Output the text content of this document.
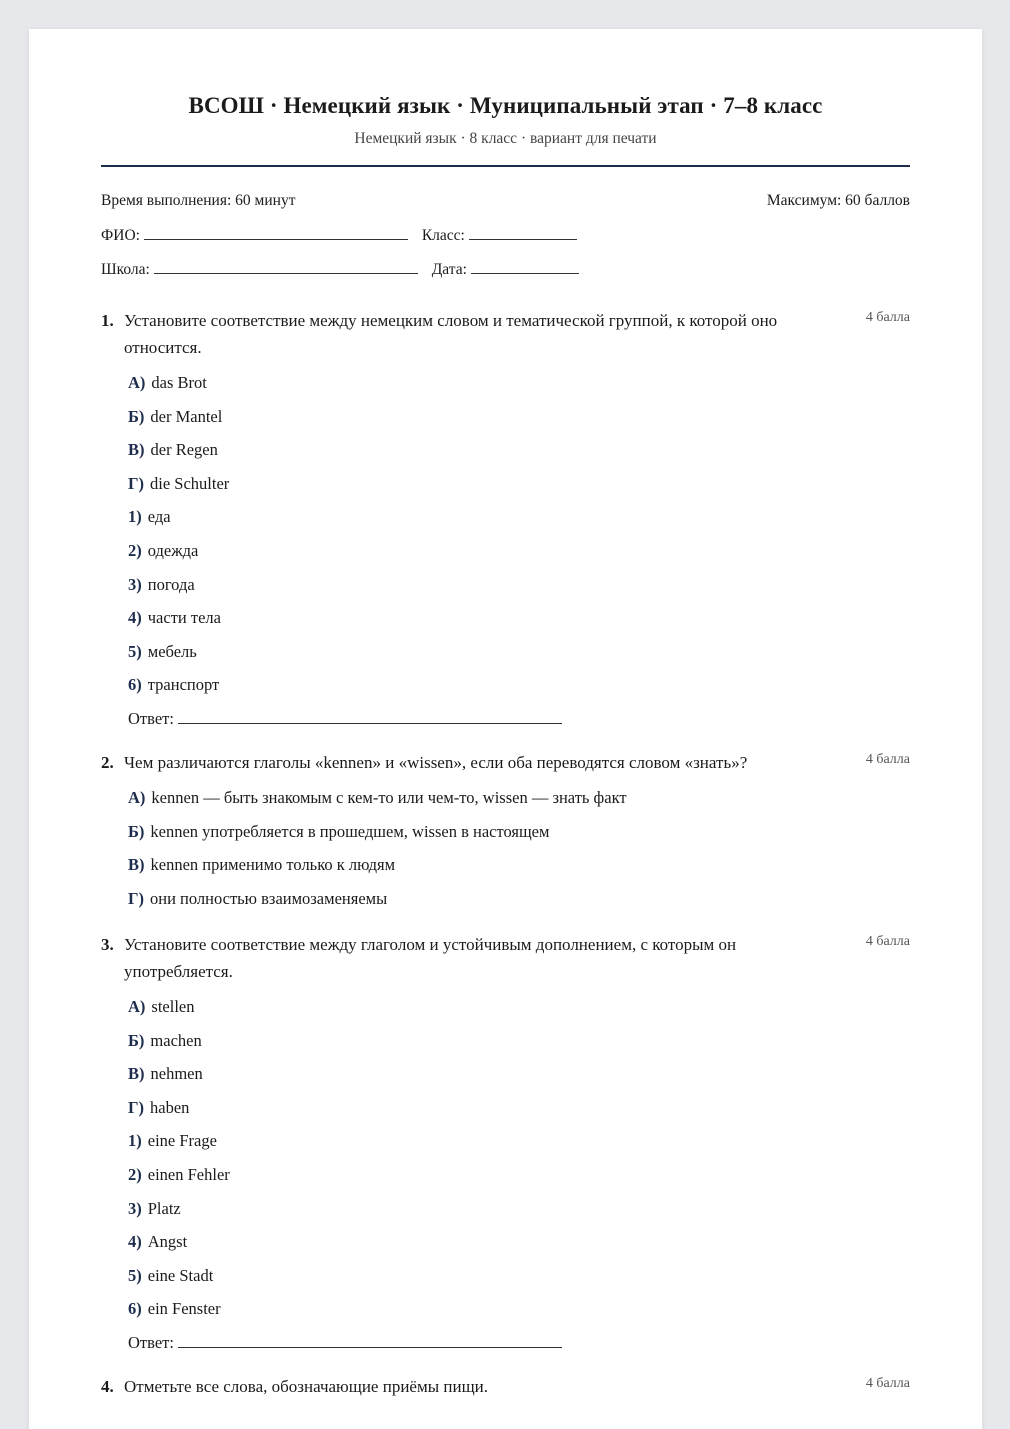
ВСОШ · Немецкий язык · Муниципальный этап · 7–8 класс
Немецкий язык · 8 класс · вариант для печати
Время выполнения: 60 минут	Максимум: 60 баллов
ФИО:	Класс:
Школа:	Дата:
1. Установите соответствие между немецким словом и тематической группой, к которой оно относится.
4 балла
А) das Brot
Б) der Mantel
В) der Regen
Г) die Schulter
1) еда
2) одежда
3) погода
4) части тела
5) мебель
6) транспорт
Ответ:
2. Чем различаются глаголы «kennen» и «wissen», если оба переводятся словом «знать»?	4 балла
А) kennen — быть знакомым с кем-то или чем-то, wissen — знать факт
Б) kennen употребляется в прошедшем, wissen в настоящем
В) kennen применимо только к людям
Г) они полностью взаимозаменяемы
3. Установите соответствие между глаголом и устойчивым дополнением, с которым он употребляется.
4 балла
А) stellen
Б) machen
В) nehmen
Г) haben
1) eine Frage
2) einen Fehler
3) Platz
4) Angst
5) eine Stadt
6) ein Fenster
Ответ:
4. Отметьте все слова, обозначающие приёмы пищи.	4 балла
